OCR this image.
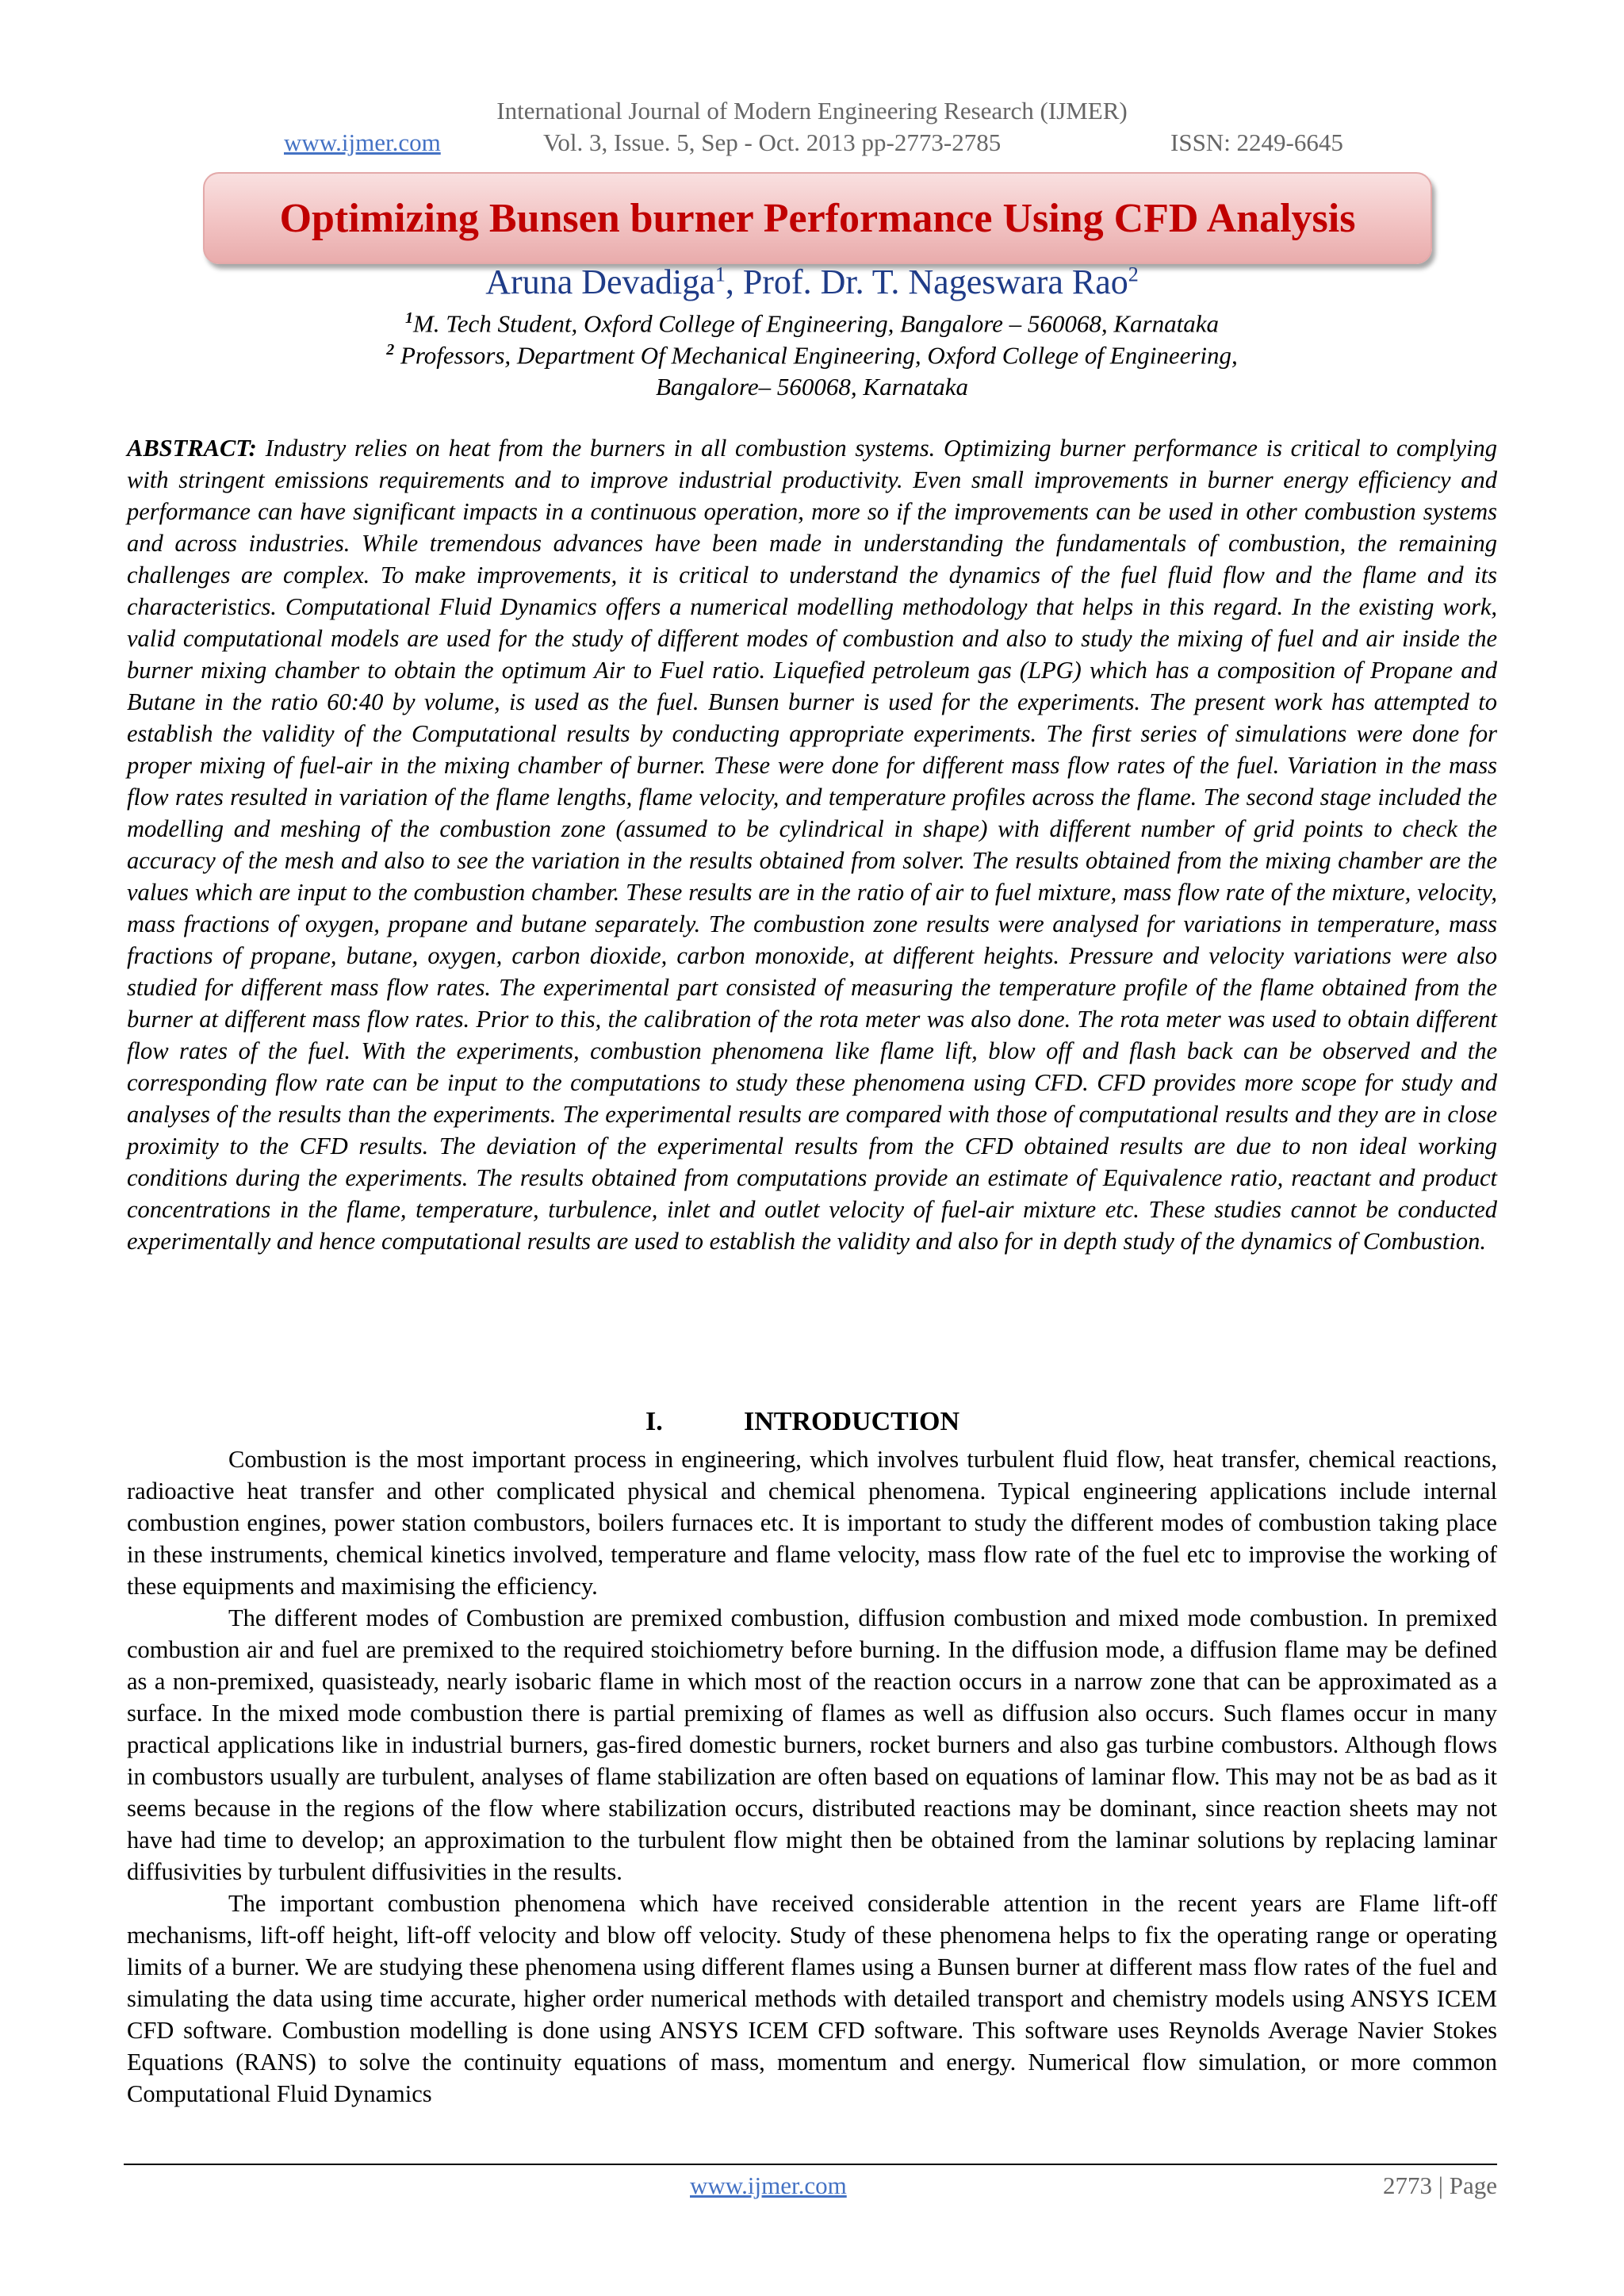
International Journal of Modern Engineering Research (IJMER)
www.ijmer.com	Vol. 3, Issue. 5, Sep - Oct. 2013 pp-2773-2785	ISSN: 2249-6645
Optimizing Bunsen burner Performance Using CFD Analysis
Aruna Devadiga$^1$, Prof. Dr. T. Nageswara Rao$^2$
$^1$M. Tech Student, Oxford College of Engineering, Bangalore – 560068, Karnataka
$^2$ Professors, Department Of Mechanical Engineering, Oxford College of Engineering,
Bangalore– 560068, Karnataka
ABSTRACT: Industry relies on heat from the burners in all combustion systems. Optimizing burner performance is critical to complying with stringent emissions requirements and to improve industrial productivity. Even small improvements in burner energy efficiency and performance can have significant impacts in a continuous operation, more so if the improvements can be used in other combustion systems and across industries. While tremendous advances have been made in understanding the fundamentals of combustion, the remaining challenges are complex. To make improvements, it is critical to understand the dynamics of the fuel fluid flow and the flame and its characteristics. Computational Fluid Dynamics offers a numerical modelling methodology that helps in this regard. In the existing work, valid computational models are used for the study of different modes of combustion and also to study the mixing of fuel and air inside the burner mixing chamber to obtain the optimum Air to Fuel ratio. Liquefied petroleum gas (LPG) which has a composition of Propane and Butane in the ratio 60:40 by volume, is used as the fuel. Bunsen burner is used for the experiments. The present work has attempted to establish the validity of the Computational results by conducting appropriate experiments. The first series of simulations were done for proper mixing of fuel-air in the mixing chamber of burner. These were done for different mass flow rates of the fuel. Variation in the mass flow rates resulted in variation of the flame lengths, flame velocity, and temperature profiles across the flame. The second stage included the modelling and meshing of the combustion zone (assumed to be cylindrical in shape) with different number of grid points to check the accuracy of the mesh and also to see the variation in the results obtained from solver. The results obtained from the mixing chamber are the values which are input to the combustion chamber. These results are in the ratio of air to fuel mixture, mass flow rate of the mixture, velocity, mass fractions of oxygen, propane and butane separately. The combustion zone results were analysed for variations in temperature, mass fractions of propane, butane, oxygen, carbon dioxide, carbon monoxide, at different heights. Pressure and velocity variations were also studied for different mass flow rates. The experimental part consisted of measuring the temperature profile of the flame obtained from the burner at different mass flow rates. Prior to this, the calibration of the rota meter was also done. The rota meter was used to obtain different flow rates of the fuel. With the experiments, combustion phenomena like flame lift, blow off and flash back can be observed and the corresponding flow rate can be input to the computations to study these phenomena using CFD. CFD provides more scope for study and analyses of the results than the experiments. The experimental results are compared with those of computational results and they are in close proximity to the CFD results. The deviation of the experimental results from the CFD obtained results are due to non ideal working conditions during the experiments. The results obtained from computations provide an estimate of Equivalence ratio, reactant and product concentrations in the flame, temperature, turbulence, inlet and outlet velocity of fuel-air mixture etc. These studies cannot be conducted experimentally and hence computational results are used to establish the validity and also for in depth study of the dynamics of Combustion.
I.	INTRODUCTION

Combustion is the most important process in engineering, which involves turbulent fluid flow, heat transfer, chemical reactions, radioactive heat transfer and other complicated physical and chemical phenomena. Typical engineering applications include internal combustion engines, power station combustors, boilers furnaces etc. It is important to study the different modes of combustion taking place in these instruments, chemical kinetics involved, temperature and flame velocity, mass flow rate of the fuel etc to improvise the working of these equipments and maximising the efficiency.

The different modes of Combustion are premixed combustion, diffusion combustion and mixed mode combustion. In premixed combustion air and fuel are premixed to the required stoichiometry before burning. In the diffusion mode, a diffusion flame may be defined as a non-premixed, quasisteady, nearly isobaric flame in which most of the reaction occurs in a narrow zone that can be approximated as a surface. In the mixed mode combustion there is partial premixing of flames as well as diffusion also occurs. Such flames occur in many practical applications like in industrial burners, gas-fired domestic burners, rocket burners and also gas turbine combustors. Although flows in combustors usually are turbulent, analyses of flame stabilization are often based on equations of laminar flow. This may not be as bad as it seems because in the regions of the flow where stabilization occurs, distributed reactions may be dominant, since reaction sheets may not have had time to develop; an approximation to the turbulent flow might then be obtained from the laminar solutions by replacing laminar diffusivities by turbulent diffusivities in the results.

The important combustion phenomena which have received considerable attention in the recent years are Flame lift-off mechanisms, lift-off height, lift-off velocity and blow off velocity. Study of these phenomena helps to fix the operating range or operating limits of a burner. We are studying these phenomena using different flames using a Bunsen burner at different mass flow rates of the fuel and simulating the data using time accurate, higher order numerical methods with detailed transport and chemistry models using ANSYS ICEM CFD software. Combustion modelling is done using ANSYS ICEM CFD software. This software uses Reynolds Average Navier Stokes Equations (RANS) to solve the continuity equations of mass, momentum and energy. Numerical flow simulation, or more common Computational Fluid Dynamics

www.ijmer.com	2773 | Page
